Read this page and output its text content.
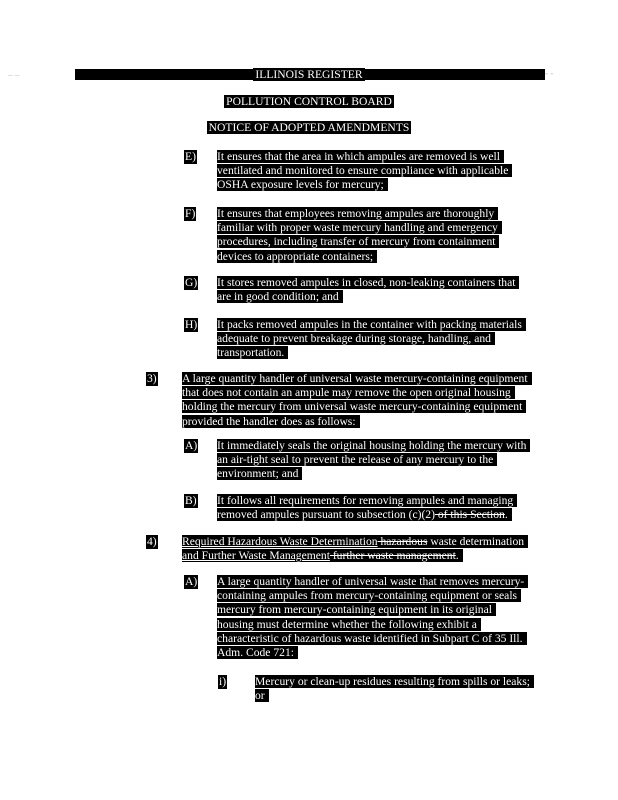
ILLINOIS REGISTER
– –	- -
POLLUTION CONTROL BOARD
NOTICE OF ADOPTED AMENDMENTS
E) It ensures that the area in which ampules are removed is well
ventilated and monitored to ensure compliance with applicable
OSHA exposure levels for mercury;
F) It ensures that employees removing ampules are thoroughly
familiar with proper waste mercury handling and emergency
procedures, including transfer of mercury from containment
devices to appropriate containers;
G) It stores removed ampules in closed, non-leaking containers that
are in good condition; and
H) It packs removed ampules in the container with packing materials
adequate to prevent breakage during storage, handling, and
transportation.
3) A large quantity handler of universal waste mercury-containing equipment
that does not contain an ampule may remove the open original housing
holding the mercury from universal waste mercury-containing equipment
provided the handler does as follows:
A) It immediately seals the original housing holding the mercury with
an air-tight seal to prevent the release of any mercury to the
environment; and
B) It follows all requirements for removing ampules and managing
removed ampules pursuant to subsection (c)(2) of this Section.
4) Required Hazardous Waste Determination hazardous waste determination
and Further Waste Management further waste management.
A) A large quantity handler of universal waste that removes mercury-
containing ampules from mercury-containing equipment or seals
mercury from mercury-containing equipment in its original
housing must determine whether the following exhibit a
characteristic of hazardous waste identified in Subpart C of 35 Ill.
Adm. Code 721:
i) Mercury or clean-up residues resulting from spills or leaks;
or
